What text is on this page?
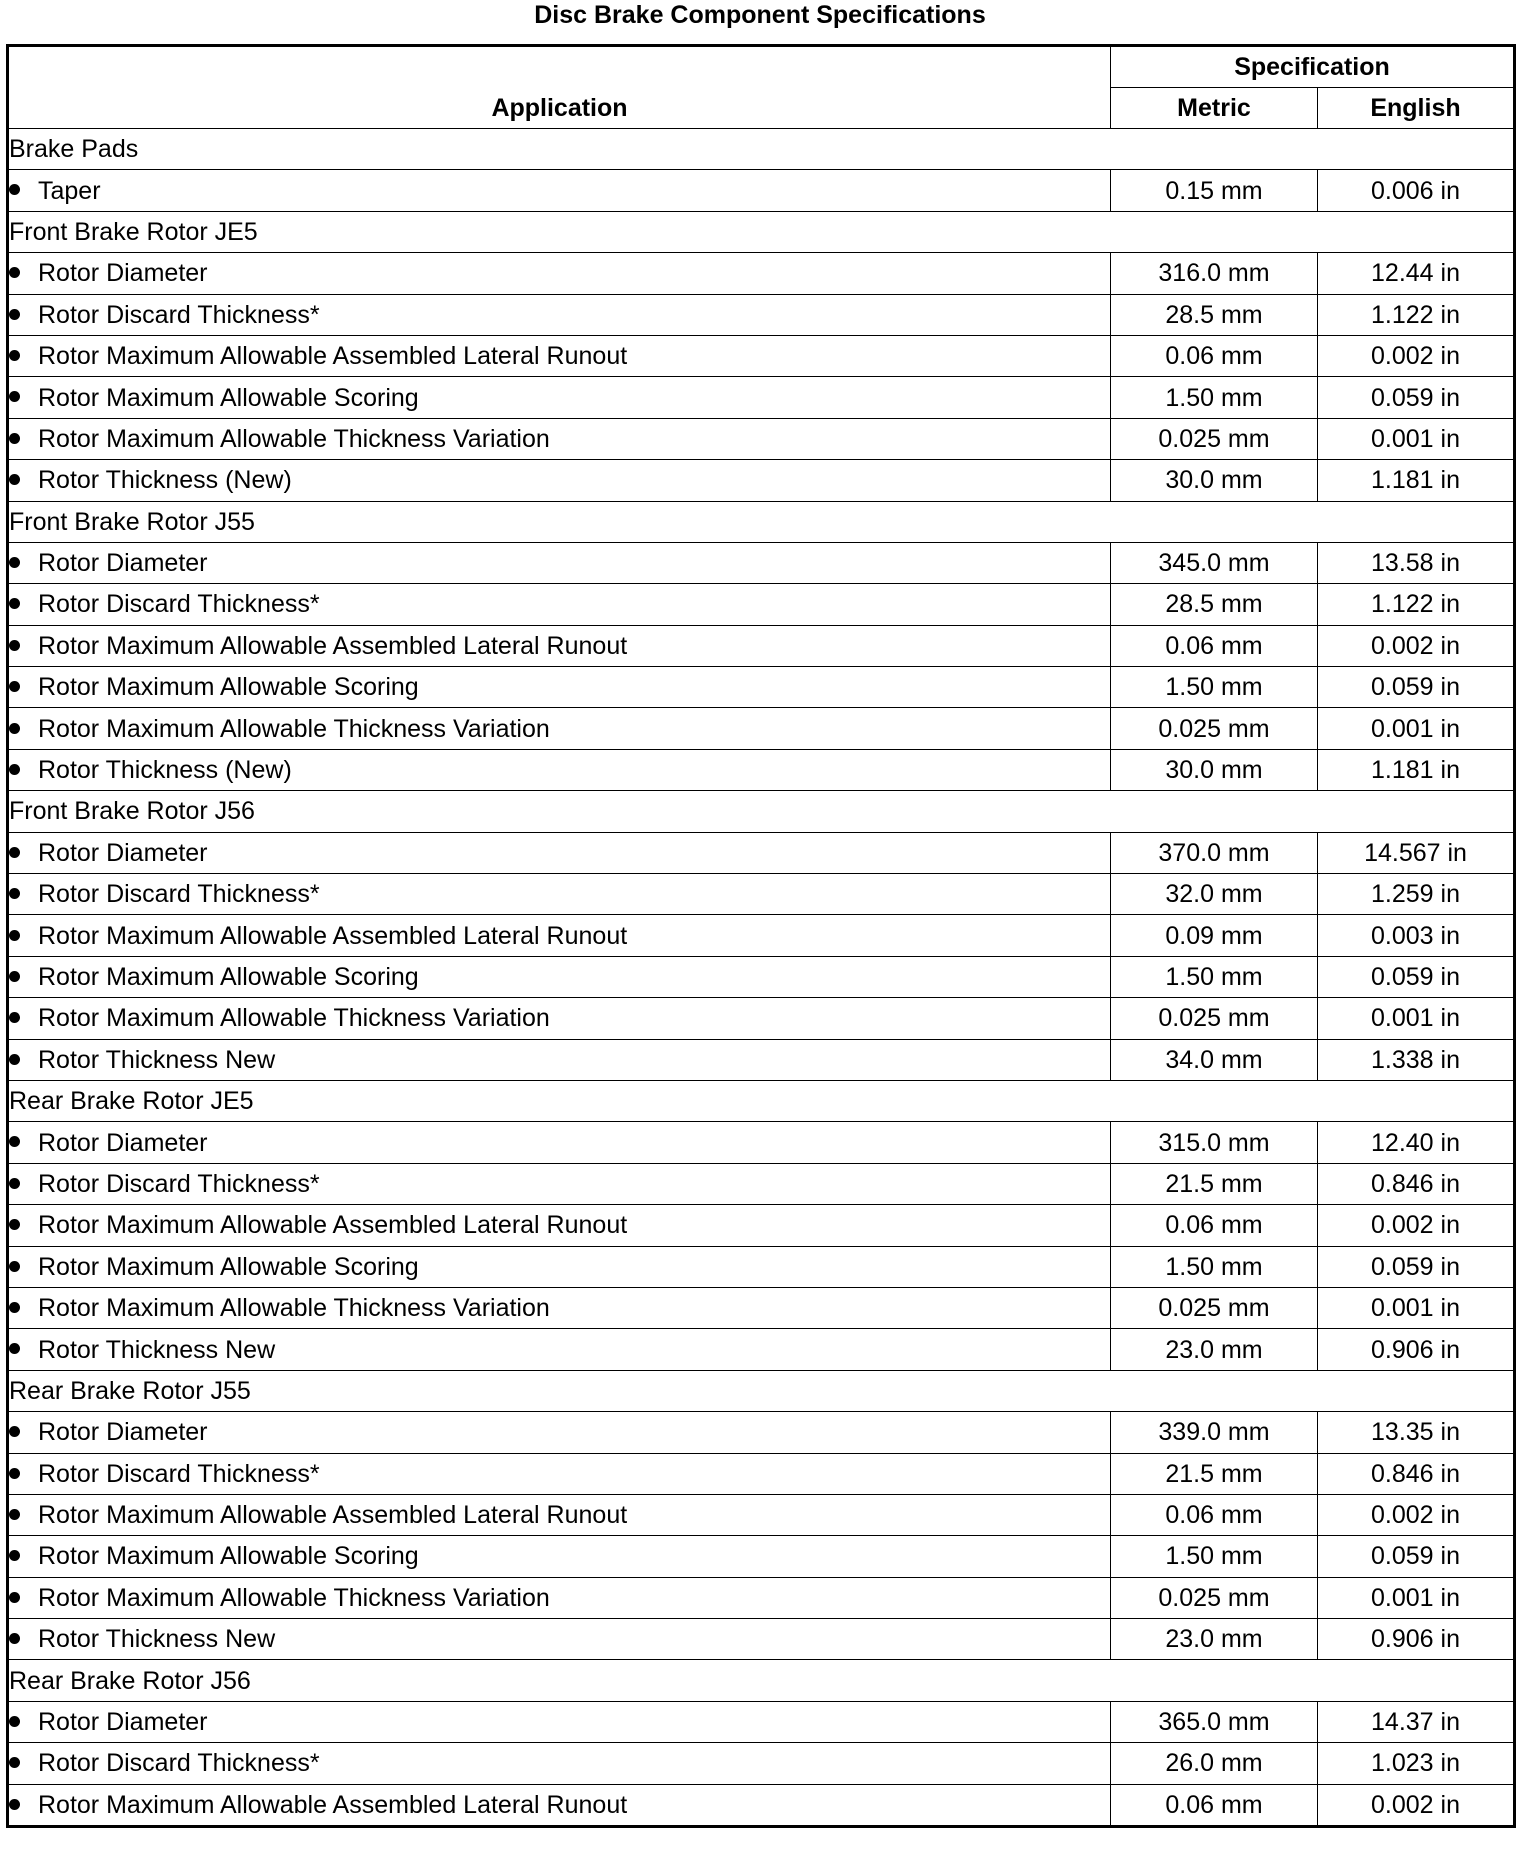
Disc Brake Component Specifications
Application	Specification	
	Metric	English
Brake Pads		
Taper	0.15 mm	0.006 in
Front Brake Rotor JE5		
Rotor Diameter	316.0 mm	12.44 in
Rotor Discard Thickness*	28.5 mm	1.122 in
Rotor Maximum Allowable Assembled Lateral Runout	0.06 mm	0.002 in
Rotor Maximum Allowable Scoring	1.50 mm	0.059 in
Rotor Maximum Allowable Thickness Variation	0.025 mm	0.001 in
Rotor Thickness (New)	30.0 mm	1.181 in
Front Brake Rotor J55		
Rotor Diameter	345.0 mm	13.58 in
Rotor Discard Thickness*	28.5 mm	1.122 in
Rotor Maximum Allowable Assembled Lateral Runout	0.06 mm	0.002 in
Rotor Maximum Allowable Scoring	1.50 mm	0.059 in
Rotor Maximum Allowable Thickness Variation	0.025 mm	0.001 in
Rotor Thickness (New)	30.0 mm	1.181 in
Front Brake Rotor J56		
Rotor Diameter	370.0 mm	14.567 in
Rotor Discard Thickness*	32.0 mm	1.259 in
Rotor Maximum Allowable Assembled Lateral Runout	0.09 mm	0.003 in
Rotor Maximum Allowable Scoring	1.50 mm	0.059 in
Rotor Maximum Allowable Thickness Variation	0.025 mm	0.001 in
Rotor Thickness New	34.0 mm	1.338 in
Rear Brake Rotor JE5		
Rotor Diameter	315.0 mm	12.40 in
Rotor Discard Thickness*	21.5 mm	0.846 in
Rotor Maximum Allowable Assembled Lateral Runout	0.06 mm	0.002 in
Rotor Maximum Allowable Scoring	1.50 mm	0.059 in
Rotor Maximum Allowable Thickness Variation	0.025 mm	0.001 in
Rotor Thickness New	23.0 mm	0.906 in
Rear Brake Rotor J55		
Rotor Diameter	339.0 mm	13.35 in
Rotor Discard Thickness*	21.5 mm	0.846 in
Rotor Maximum Allowable Assembled Lateral Runout	0.06 mm	0.002 in
Rotor Maximum Allowable Scoring	1.50 mm	0.059 in
Rotor Maximum Allowable Thickness Variation	0.025 mm	0.001 in
Rotor Thickness New	23.0 mm	0.906 in
Rear Brake Rotor J56		
Rotor Diameter	365.0 mm	14.37 in
Rotor Discard Thickness*	26.0 mm	1.023 in
Rotor Maximum Allowable Assembled Lateral Runout	0.06 mm	0.002 in
